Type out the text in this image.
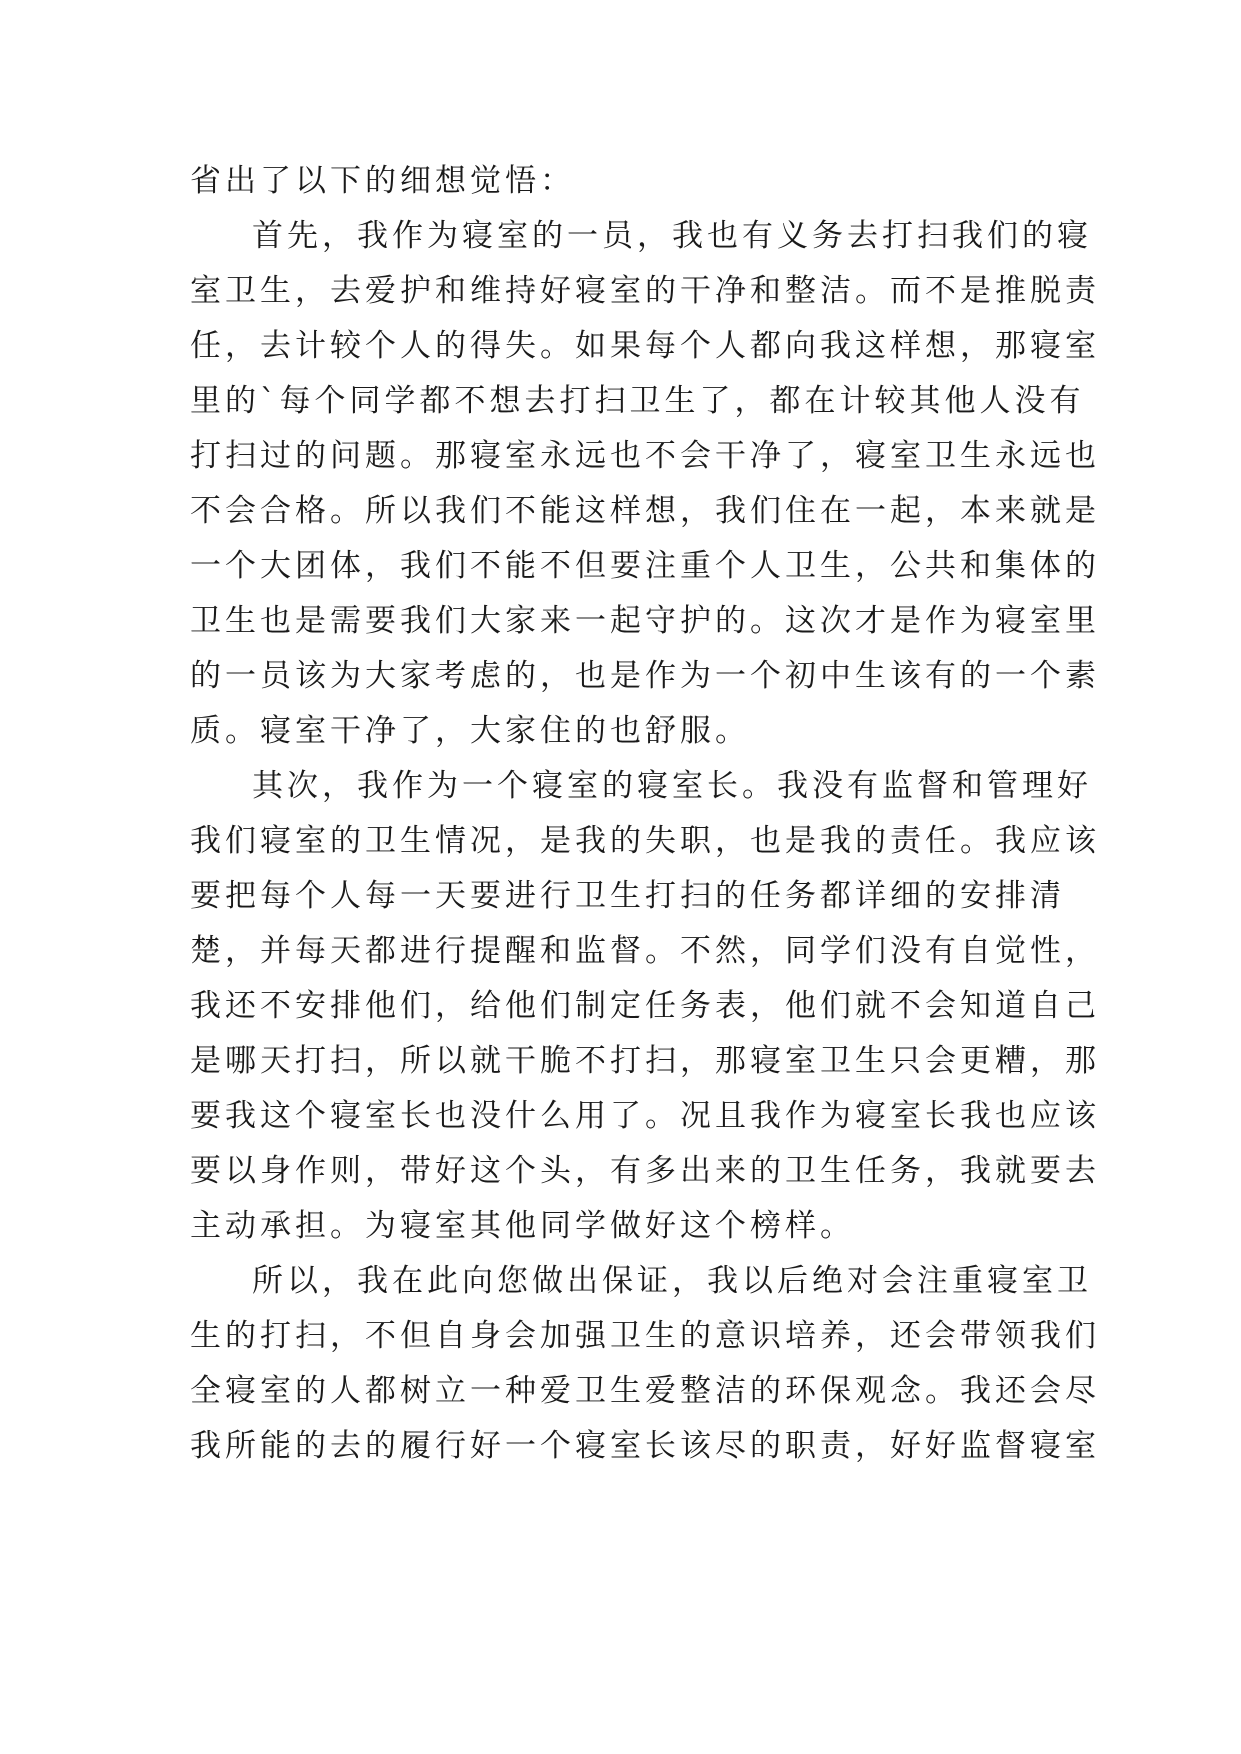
省出了以下的细想觉悟：
首先，我作为寝室的一员，我也有义务去打扫我们的寝
室卫生，去爱护和维持好寝室的干净和整洁。而不是推脱责
任，去计较个人的得失。如果每个人都向我这样想，那寝室
里的`每个同学都不想去打扫卫生了，都在计较其他人没有
打扫过的问题。那寝室永远也不会干净了，寝室卫生永远也
不会合格。所以我们不能这样想，我们住在一起，本来就是
一个大团体，我们不能不但要注重个人卫生，公共和集体的
卫生也是需要我们大家来一起守护的。这次才是作为寝室里
的一员该为大家考虑的，也是作为一个初中生该有的一个素
质。寝室干净了，大家住的也舒服。
其次，我作为一个寝室的寝室长。我没有监督和管理好
我们寝室的卫生情况，是我的失职，也是我的责任。我应该
要把每个人每一天要进行卫生打扫的任务都详细的安排清
楚，并每天都进行提醒和监督。不然，同学们没有自觉性，
我还不安排他们，给他们制定任务表，他们就不会知道自己
是哪天打扫，所以就干脆不打扫，那寝室卫生只会更糟，那
要我这个寝室长也没什么用了。况且我作为寝室长我也应该
要以身作则，带好这个头，有多出来的卫生任务，我就要去
主动承担。为寝室其他同学做好这个榜样。
所以，我在此向您做出保证，我以后绝对会注重寝室卫
生的打扫，不但自身会加强卫生的意识培养，还会带领我们
全寝室的人都树立一种爱卫生爱整洁的环保观念。我还会尽
我所能的去的履行好一个寝室长该尽的职责，好好监督寝室
